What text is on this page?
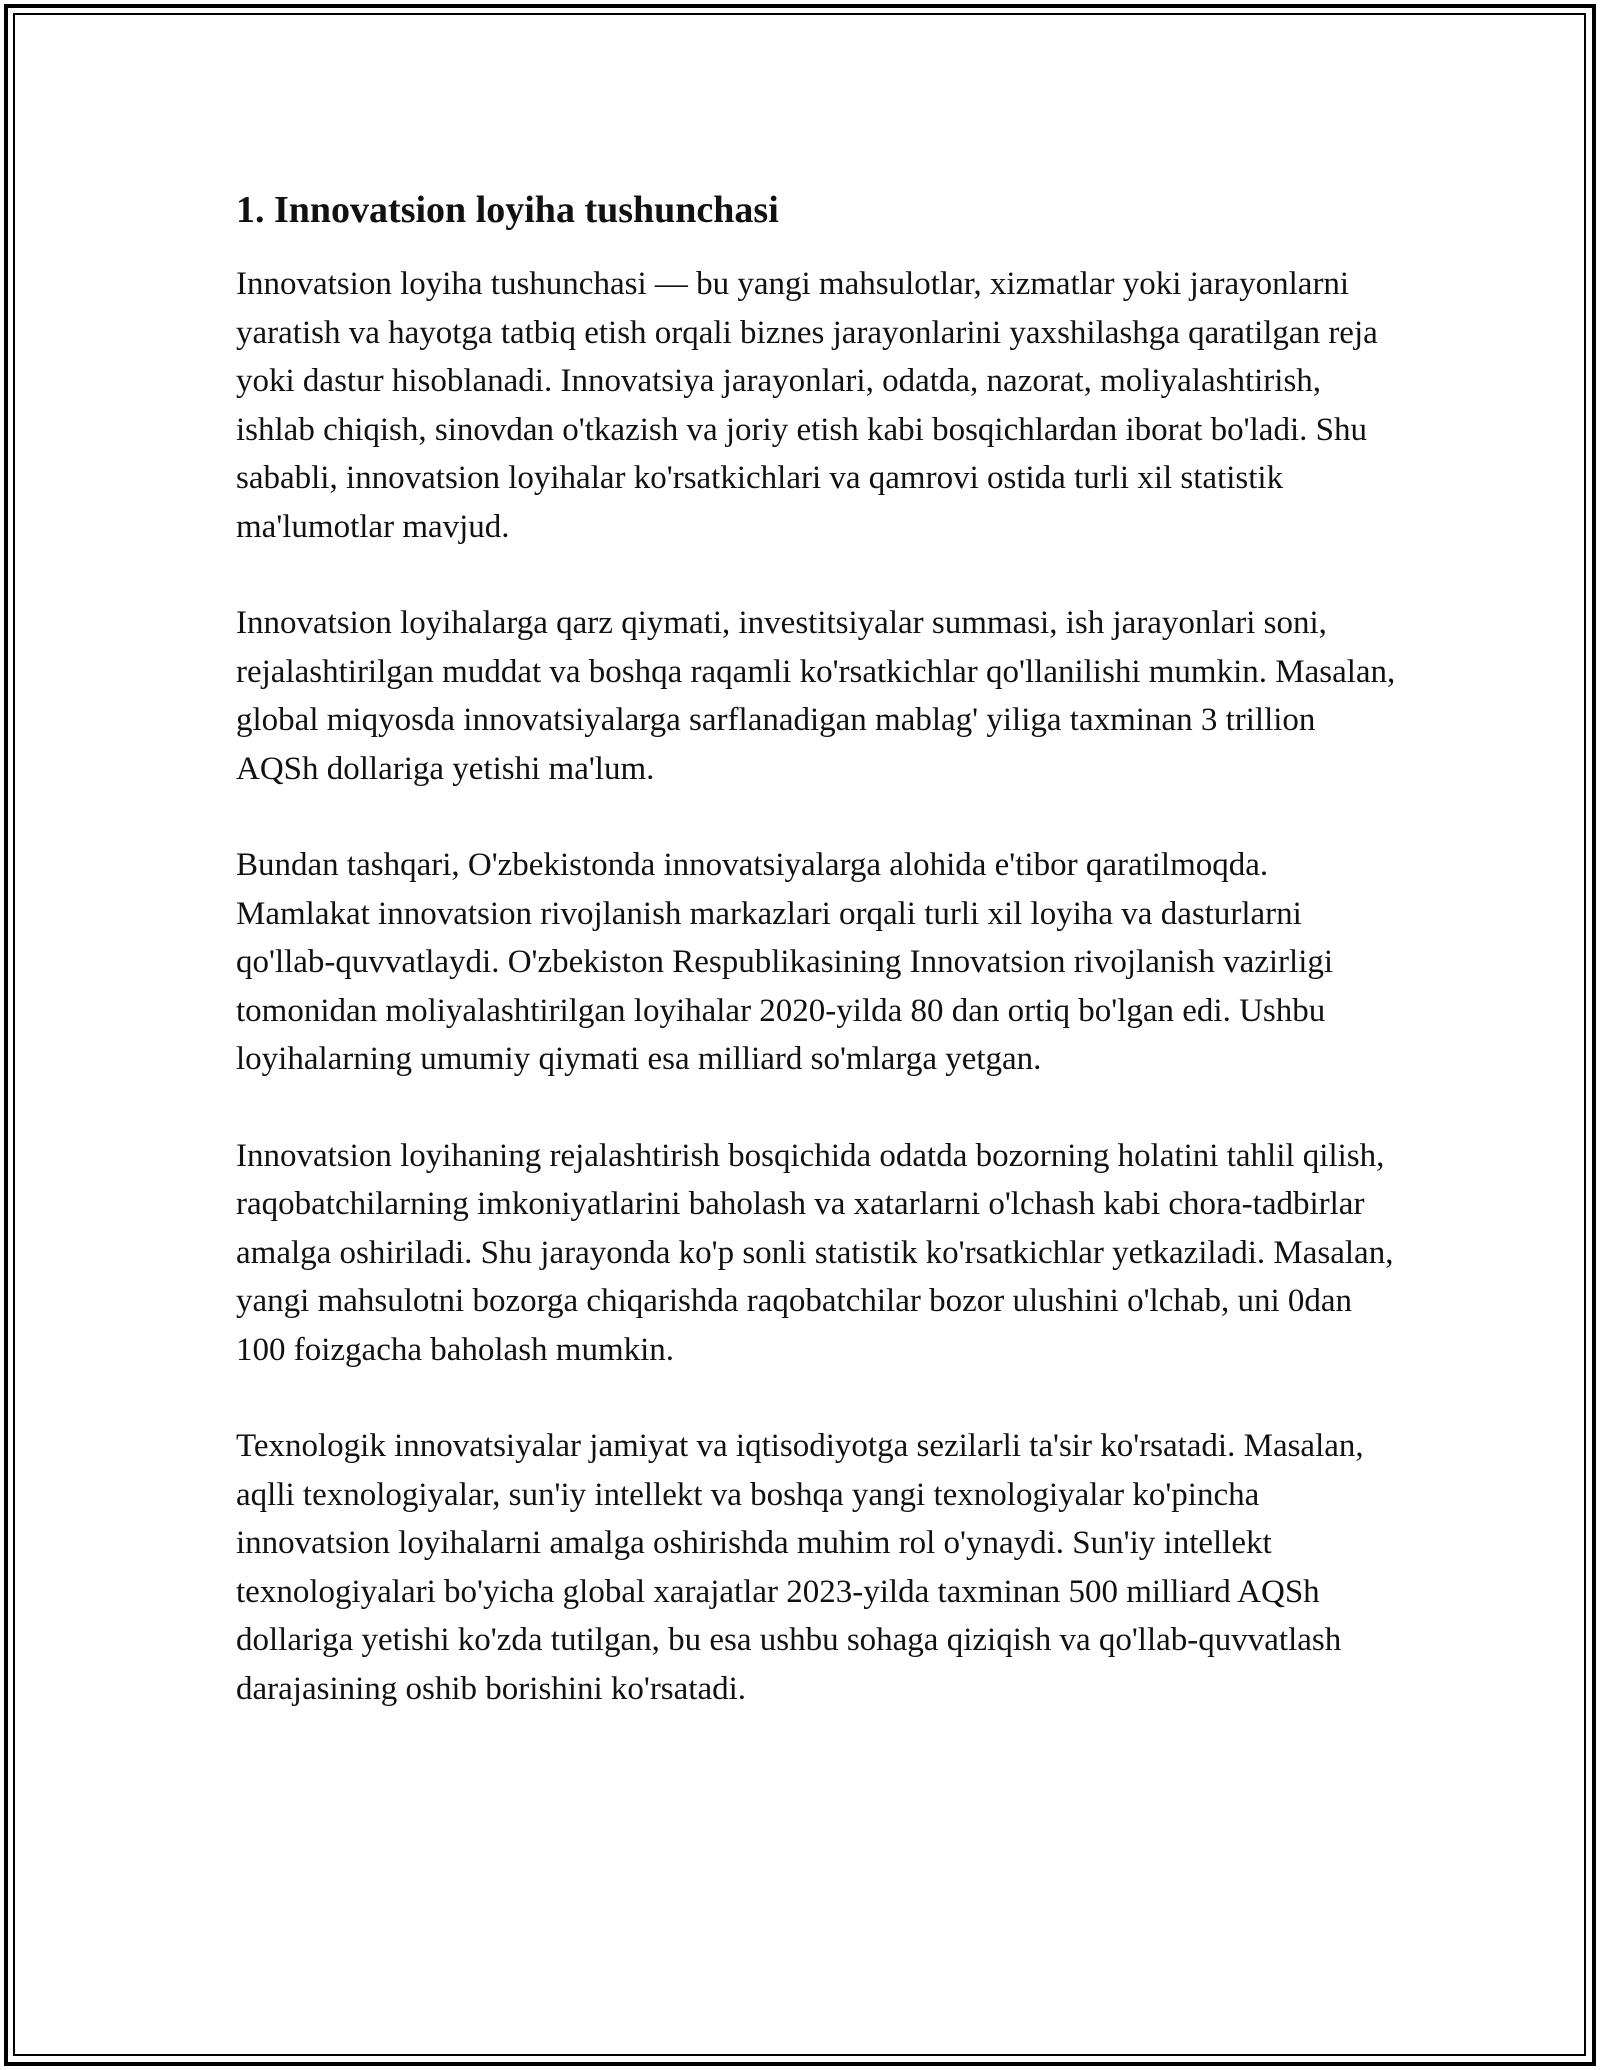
1. Innovatsion loyiha tushunchasi

Innovatsion loyiha tushunchasi — bu yangi mahsulotlar, xizmatlar yoki jarayonlarni yaratish va hayotga tatbiq etish orqali biznes jarayonlarini yaxshilashga qaratilgan reja yoki dastur hisoblanadi. Innovatsiya jarayonlari, odatda, nazorat, moliyalashtirish, ishlab chiqish, sinovdan o'tkazish va joriy etish kabi bosqichlardan iborat bo'ladi. Shu sababli, innovatsion loyihalar ko'rsatkichlari va qamrovi ostida turli xil statistik ma'lumotlar mavjud.

Innovatsion loyihalarga qarz qiymati, investitsiyalar summasi, ish jarayonlari soni, rejalashtirilgan muddat va boshqa raqamli ko'rsatkichlar qo'llanilishi mumkin. Masalan, global miqyosda innovatsiyalarga sarflanadigan mablag' yiliga taxminan 3 trillion AQSh dollariga yetishi ma'lum.

Bundan tashqari, O'zbekistonda innovatsiyalarga alohida e'tibor qaratilmoqda. Mamlakat innovatsion rivojlanish markazlari orqali turli xil loyiha va dasturlarni qo'llab-quvvatlaydi. O'zbekiston Respublikasining Innovatsion rivojlanish vazirligi tomonidan moliyalashtirilgan loyihalar 2020-yilda 80 dan ortiq bo'lgan edi. Ushbu loyihalarning umumiy qiymati esa milliard so'mlarga yetgan.

Innovatsion loyihaning rejalashtirish bosqichida odatda bozorning holatini tahlil qilish, raqobatchilarning imkoniyatlarini baholash va xatarlarni o'lchash kabi chora-tadbirlar amalga oshiriladi. Shu jarayonda ko'p sonli statistik ko'rsatkichlar yetkaziladi. Masalan, yangi mahsulotni bozorga chiqarishda raqobatchilar bozor ulushini o'lchab, uni 0dan 100 foizgacha baholash mumkin.

Texnologik innovatsiyalar jamiyat va iqtisodiyotga sezilarli ta'sir ko'rsatadi. Masalan, aqlli texnologiyalar, sun'iy intellekt va boshqa yangi texnologiyalar ko'pincha innovatsion loyihalarni amalga oshirishda muhim rol o'ynaydi. Sun'iy intellekt texnologiyalari bo'yicha global xarajatlar 2023-yilda taxminan 500 milliard AQSh dollariga yetishi ko'zda tutilgan, bu esa ushbu sohaga qiziqish va qo'llab-quvvatlash darajasining oshib borishini ko'rsatadi.
